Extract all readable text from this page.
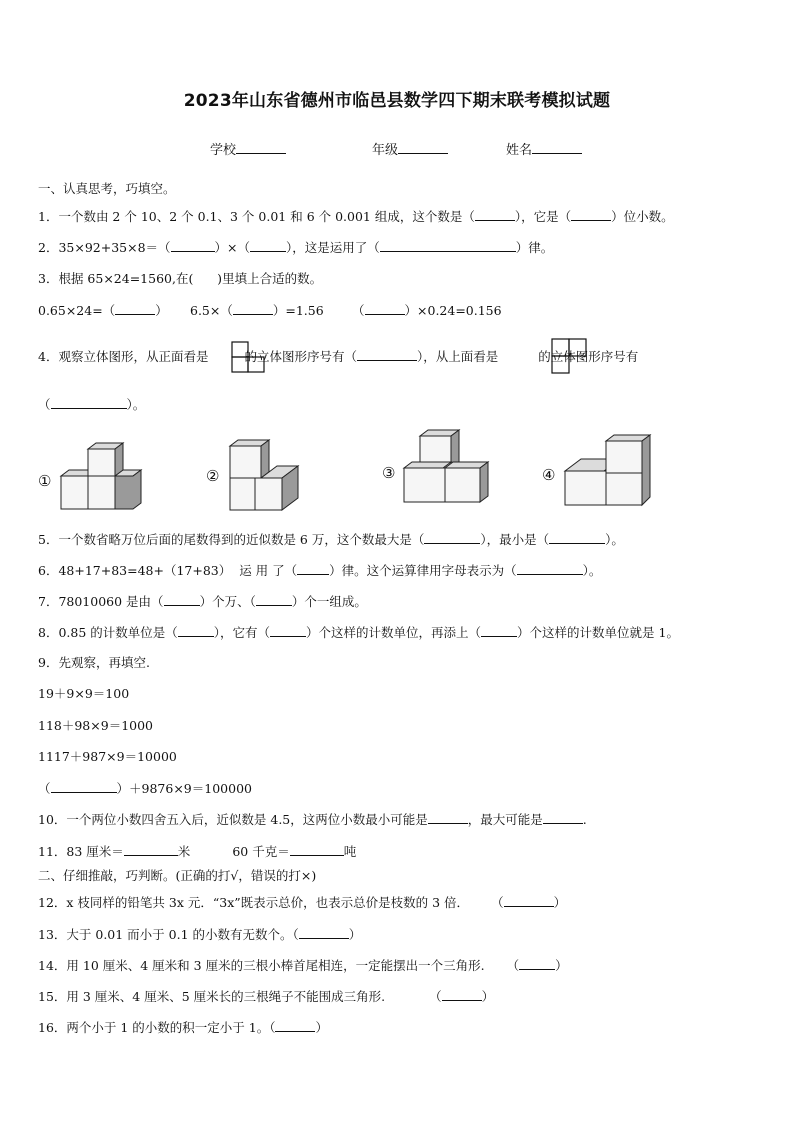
2023年山东省德州市临邑县数学四下期末联考模拟试题
学校	年级	姓名
一、认真思考，巧填空。
1．一个数由 2 个 10、2 个 0.1、3 个 0.01 和 6 个 0.001 组成，这个数是（	），它是（	）位小数。
2．35×92+35×8＝（	）×（	），这是运用了（	）律。
3．根据 65×24=1560,在(      )里填上合适的数。
0.65×24=（	） 6.5×（	）=1.56 （	）×0.24=0.156
4．观察立体图形，从正面看是	的立体图形序号有（	），从上面看是	的立体图形序号有
（	）。
①	②	③	④
5．一个数省略万位后面的尾数得到的近似数是 6 万，这个数最大是（	），最小是（	）。
6．48+17+83=48+（17+83）  运 用 了（	）律。这个运算律用字母表示为（	）。
7．78010060 是由（	）个万、（	）个一组成。
8．0.85 的计数单位是（	），它有（	）个这样的计数单位，再添上（	）个这样的计数单位就是 1。
9．先观察，再填空.
19＋9×9＝100
118＋98×9＝1000
1117＋987×9＝10000
（	）＋9876×9＝100000
10．一个两位小数四舍五入后，近似数是 4.5，这两位小数最小可能是	，最大可能是	.
11．83 厘米＝	米	60 千克＝	吨
二、仔细推敲，巧判断。(正确的打√，错误的打×)
12．x 枝同样的铅笔共 3x 元．“3x”既表示总价，也表示总价是枝数的 3 倍． （	）
13．大于 0.01 而小于 0.1 的小数有无数个。（	）
14．用 10 厘米、4 厘米和 3 厘米的三根小棒首尾相连，一定能摆出一个三角形. （	）
15．用 3 厘米、4 厘米、5 厘米长的三根绳子不能围成三角形.	（	）
16．两个小于 1 的小数的积一定小于 1。（	）
